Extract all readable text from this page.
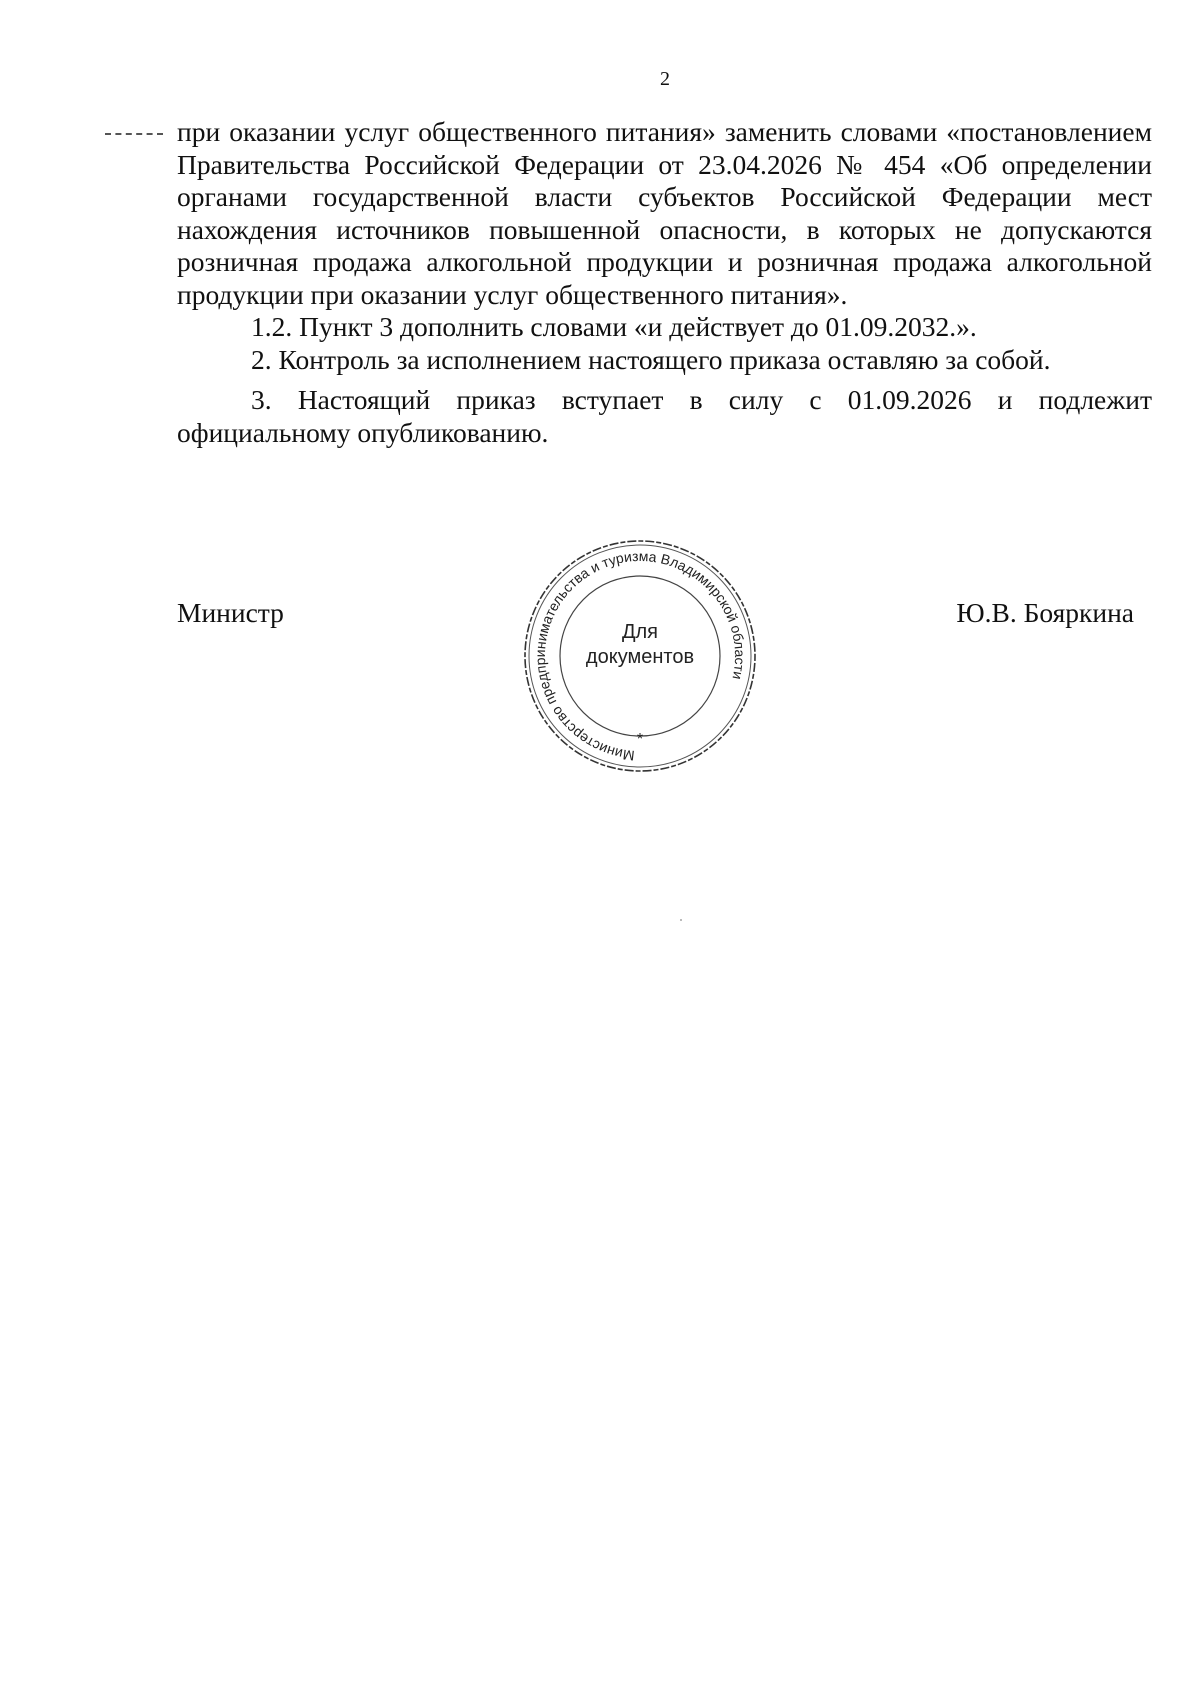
2

при оказании услуг общественного питания» заменить словами «постановлением Правительства Российской Федерации от 23.04.2026 № 454 «Об определении органами государственной власти субъектов Российской Федерации мест нахождения источников повышенной опасности, в которых не допускаются розничная продажа алкогольной продукции и розничная продажа алкогольной продукции при оказании услуг общественного питания».

1.2. Пункт 3 дополнить словами «и действует до 01.09.2032.».

2. Контроль за исполнением настоящего приказа оставляю за собой.

3. Настоящий приказ вступает в силу с 01.09.2026 и подлежит официальному опубликованию.

Министр	Ю.В. Бояркина
Министерство предпринимательства и туризма Владимирской области
*
Для
документов
